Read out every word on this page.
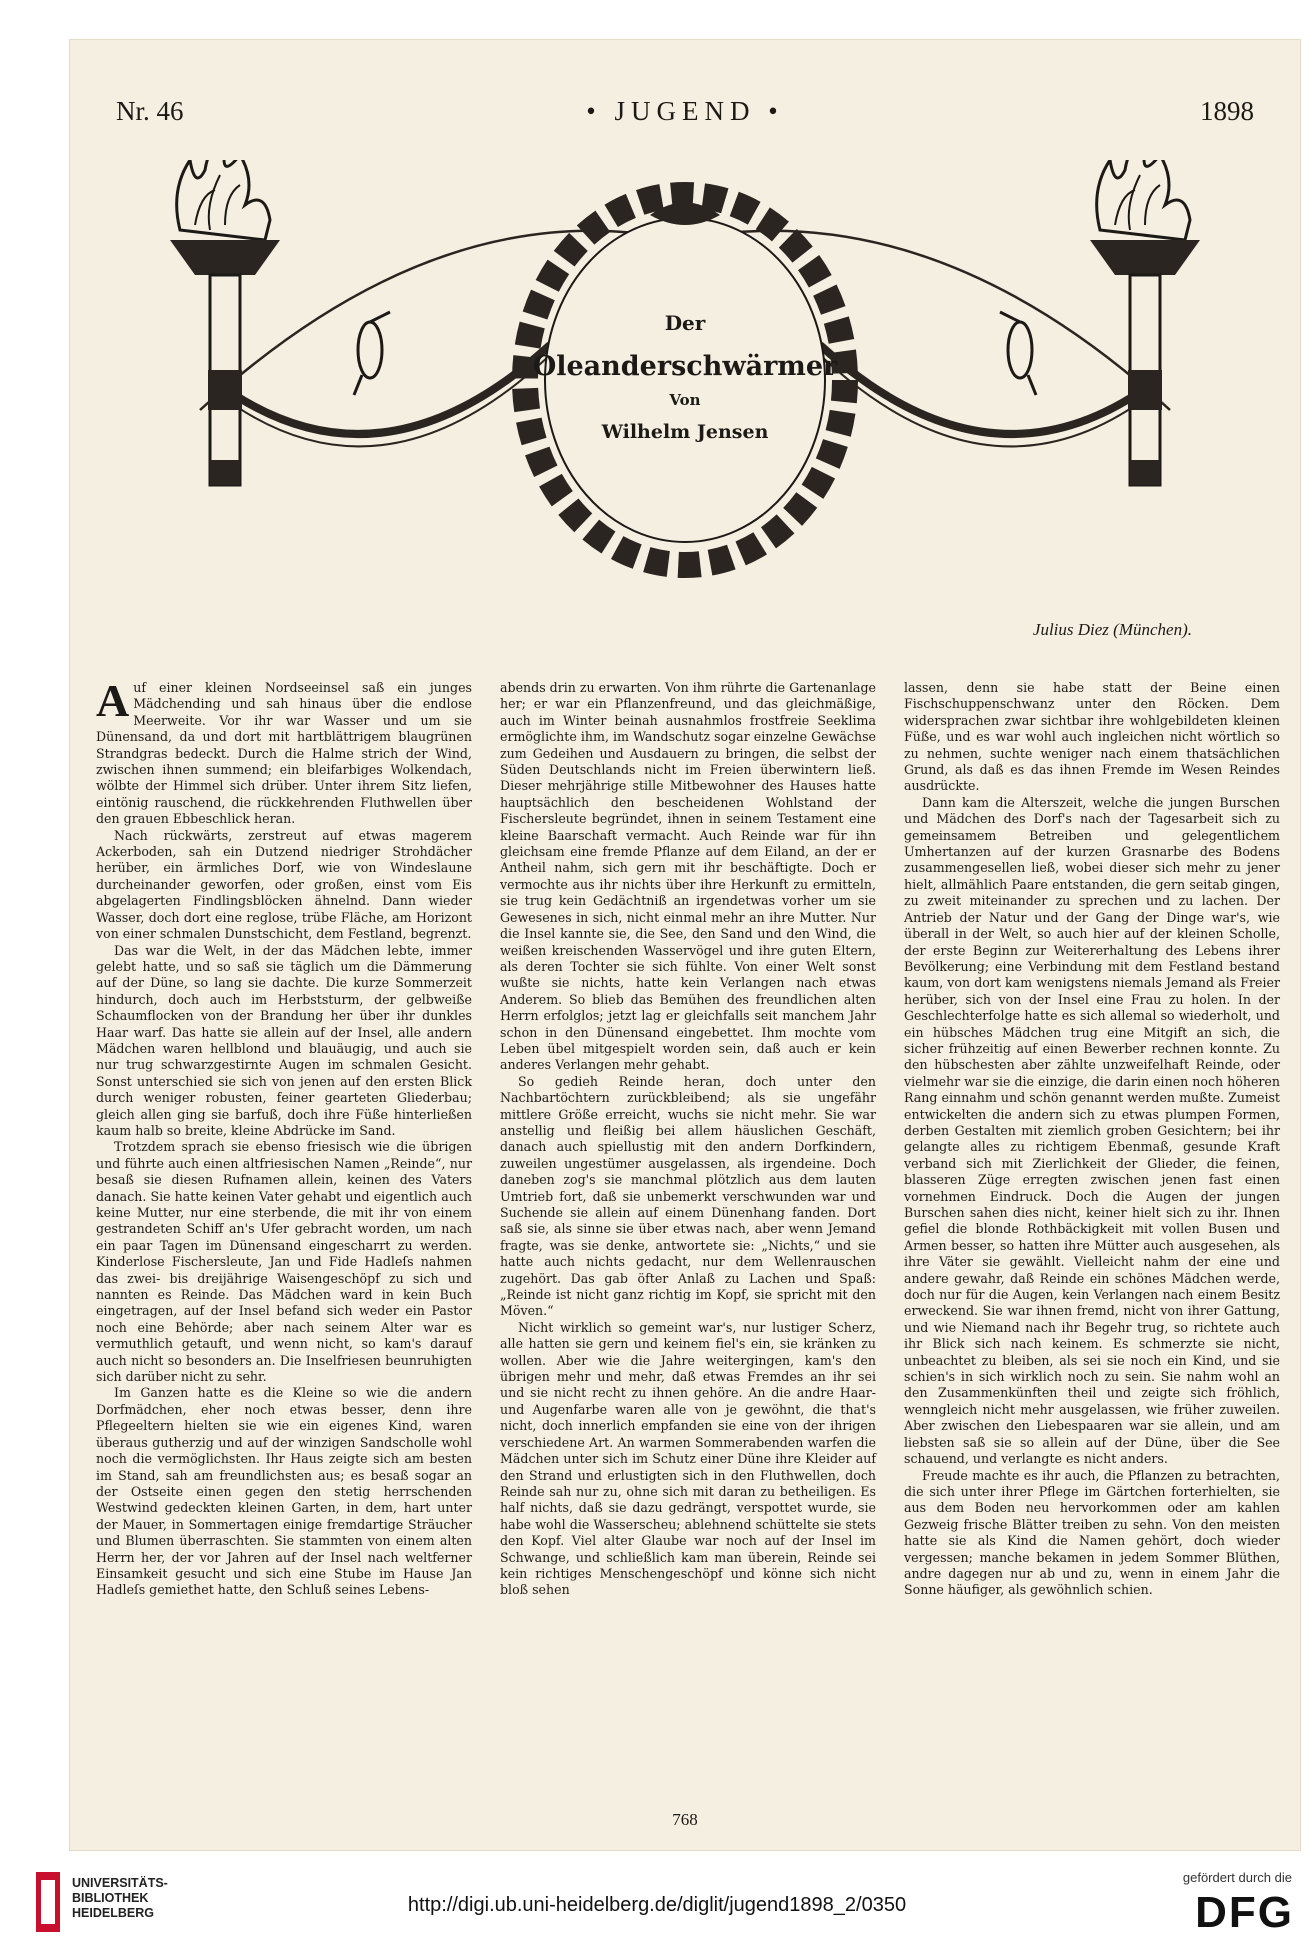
Nr. 46	• JUGEND •	1898
Der
Oleanderschwärmer
Von
Wilhelm Jensen
Julius Diez (München).

Auf einer kleinen Nordseeinsel saß ein junges Mädchending und sah hinaus über die endlose Meerweite. Vor ihr war Wasser und um sie Dünensand, da und dort mit hartblättrigem blaugrünen Strandgras bedeckt. Durch die Halme strich der Wind, zwischen ihnen summend; ein bleifarbiges Wolkendach, wölbte der Himmel sich drüber. Unter ihrem Sitz liefen, eintönig rauschend, die rückkehrenden Fluthwellen über den grauen Ebbeschlick heran.

Nach rückwärts, zerstreut auf etwas magerem Ackerboden, sah ein Dutzend niedriger Strohdächer herüber, ein ärmliches Dorf, wie von Windeslaune durcheinander geworfen, oder großen, einst vom Eis abgelagerten Findlingsblöcken ähnelnd. Dann wieder Wasser, doch dort eine reglose, trübe Fläche, am Horizont von einer schmalen Dunstschicht, dem Festland, begrenzt.

Das war die Welt, in der das Mädchen lebte, immer gelebt hatte, und so saß sie täglich um die Dämmerung auf der Düne, so lang sie dachte. Die kurze Sommerzeit hindurch, doch auch im Herbststurm, der gelbweiße Schaumflocken von der Brandung her über ihr dunkles Haar warf. Das hatte sie allein auf der Insel, alle andern Mädchen waren hellblond und blauäugig, und auch sie nur trug schwarzgestirnte Augen im schmalen Gesicht. Sonst unterschied sie sich von jenen auf den ersten Blick durch weniger robusten, feiner gearteten Gliederbau; gleich allen ging sie barfuß, doch ihre Füße hinterließen kaum halb so breite, kleine Abdrücke im Sand.

Trotzdem sprach sie ebenso friesisch wie die übrigen und führte auch einen altfriesischen Namen „Reinde“, nur besaß sie diesen Rufnamen allein, keinen des Vaters danach. Sie hatte keinen Vater gehabt und eigentlich auch keine Mutter, nur eine sterbende, die mit ihr von einem gestrandeten Schiff an's Ufer gebracht worden, um nach ein paar Tagen im Dünensand eingescharrt zu werden. Kinderlose Fischersleute, Jan und Fide Hadleſs nahmen das zwei- bis dreijährige Waisengeschöpf zu sich und nannten es Reinde. Das Mädchen ward in kein Buch eingetragen, auf der Insel befand sich weder ein Pastor noch eine Behörde; aber nach seinem Alter war es vermuthlich getauft, und wenn nicht, so kam's darauf auch nicht so besonders an. Die Inselfriesen beunruhigten sich darüber nicht zu sehr.

Im Ganzen hatte es die Kleine so wie die andern Dorfmädchen, eher noch etwas besser, denn ihre Pflegeeltern hielten sie wie ein eigenes Kind, waren überaus gutherzig und auf der winzigen Sandscholle wohl noch die vermöglichsten. Ihr Haus zeigte sich am besten im Stand, sah am freundlichsten aus; es besaß sogar an der Ostseite einen gegen den stetig herrschenden Westwind gedeckten kleinen Garten, in dem, hart unter der Mauer, in Sommertagen einige fremdartige Sträucher und Blumen überraschten. Sie stammten von einem alten Herrn her, der vor Jahren auf der Insel nach weltferner Einsamkeit gesucht und sich eine Stube im Hause Jan Hadleſs gemiethet hatte, den Schluß seines Lebens-

abends drin zu erwarten. Von ihm rührte die Gartenanlage her; er war ein Pflanzenfreund, und das gleichmäßige, auch im Winter beinah ausnahmlos frostfreie Seeklima ermöglichte ihm, im Wandschutz sogar einzelne Gewächse zum Gedeihen und Ausdauern zu bringen, die selbst der Süden Deutschlands nicht im Freien überwintern ließ. Dieser mehrjährige stille Mitbewohner des Hauses hatte hauptsächlich den bescheidenen Wohlstand der Fischersleute begründet, ihnen in seinem Testament eine kleine Baarschaft vermacht. Auch Reinde war für ihn gleichsam eine fremde Pflanze auf dem Eiland, an der er Antheil nahm, sich gern mit ihr beschäftigte. Doch er vermochte aus ihr nichts über ihre Herkunft zu ermitteln, sie trug kein Gedächtniß an irgendetwas vorher um sie Gewesenes in sich, nicht einmal mehr an ihre Mutter. Nur die Insel kannte sie, die See, den Sand und den Wind, die weißen kreischenden Wasservögel und ihre guten Eltern, als deren Tochter sie sich fühlte. Von einer Welt sonst wußte sie nichts, hatte kein Verlangen nach etwas Anderem. So blieb das Bemühen des freundlichen alten Herrn erfolglos; jetzt lag er gleichfalls seit manchem Jahr schon in den Dünensand eingebettet. Ihm mochte vom Leben übel mitgespielt worden sein, daß auch er kein anderes Verlangen mehr gehabt.

So gedieh Reinde heran, doch unter den Nachbartöchtern zurückbleibend; als sie ungefähr mittlere Größe erreicht, wuchs sie nicht mehr. Sie war anstellig und fleißig bei allem häuslichen Geschäft, danach auch spiellustig mit den andern Dorfkindern, zuweilen ungestümer ausgelassen, als irgendeine. Doch daneben zog's sie manchmal plötzlich aus dem lauten Umtrieb fort, daß sie unbemerkt verschwunden war und Suchende sie allein auf einem Dünenhang fanden. Dort saß sie, als sinne sie über etwas nach, aber wenn Jemand fragte, was sie denke, antwortete sie: „Nichts,“ und sie hatte auch nichts gedacht, nur dem Wellenrauschen zugehört. Das gab öfter Anlaß zu Lachen und Spaß: „Reinde ist nicht ganz richtig im Kopf, sie spricht mit den Möven.“

Nicht wirklich so gemeint war's, nur lustiger Scherz, alle hatten sie gern und keinem fiel's ein, sie kränken zu wollen. Aber wie die Jahre weitergingen, kam's den übrigen mehr und mehr, daß etwas Fremdes an ihr sei und sie nicht recht zu ihnen gehöre. An die andre Haar- und Augenfarbe waren alle von je gewöhnt, die that's nicht, doch innerlich empfanden sie eine von der ihrigen verschiedene Art. An warmen Sommerabenden warfen die Mädchen unter sich im Schutz einer Düne ihre Kleider auf den Strand und erlustigten sich in den Fluthwellen, doch Reinde sah nur zu, ohne sich mit daran zu betheiligen. Es half nichts, daß sie dazu gedrängt, verspottet wurde, sie habe wohl die Wasserscheu; ablehnend schüttelte sie stets den Kopf. Viel alter Glaube war noch auf der Insel im Schwange, und schließlich kam man überein, Reinde sei kein richtiges Menschengeschöpf und könne sich nicht bloß sehen

lassen, denn sie habe statt der Beine einen Fischschuppenschwanz unter den Röcken. Dem widersprachen zwar sichtbar ihre wohlgebildeten kleinen Füße, und es war wohl auch ingleichen nicht wörtlich so zu nehmen, suchte weniger nach einem thatsächlichen Grund, als daß es das ihnen Fremde im Wesen Reindes ausdrückte.

Dann kam die Alterszeit, welche die jungen Burschen und Mädchen des Dorf's nach der Tagesarbeit sich zu gemeinsamem Betreiben und gelegentlichem Umhertanzen auf der kurzen Grasnarbe des Bodens zusammengesellen ließ, wobei dieser sich mehr zu jener hielt, allmählich Paare entstanden, die gern seitab gingen, zu zweit miteinander zu sprechen und zu lachen. Der Antrieb der Natur und der Gang der Dinge war's, wie überall in der Welt, so auch hier auf der kleinen Scholle, der erste Beginn zur Weitererhaltung des Lebens ihrer Bevölkerung; eine Verbindung mit dem Festland bestand kaum, von dort kam wenigstens niemals Jemand als Freier herüber, sich von der Insel eine Frau zu holen. In der Geschlechterfolge hatte es sich allemal so wiederholt, und ein hübsches Mädchen trug eine Mitgift an sich, die sicher frühzeitig auf einen Bewerber rechnen konnte. Zu den hübschesten aber zählte unzweifelhaft Reinde, oder vielmehr war sie die einzige, die darin einen noch höheren Rang einnahm und schön genannt werden mußte. Zumeist entwickelten die andern sich zu etwas plumpen Formen, derben Gestalten mit ziemlich groben Gesichtern; bei ihr gelangte alles zu richtigem Ebenmaß, gesunde Kraft verband sich mit Zierlichkeit der Glieder, die feinen, blasseren Züge erregten zwischen jenen fast einen vornehmen Eindruck. Doch die Augen der jungen Burschen sahen dies nicht, keiner hielt sich zu ihr. Ihnen gefiel die blonde Rothbäckigkeit mit vollen Busen und Armen besser, so hatten ihre Mütter auch ausgesehen, als ihre Väter sie gewählt. Vielleicht nahm der eine und andere gewahr, daß Reinde ein schönes Mädchen werde, doch nur für die Augen, kein Verlangen nach einem Besitz erweckend. Sie war ihnen fremd, nicht von ihrer Gattung, und wie Niemand nach ihr Begehr trug, so richtete auch ihr Blick sich nach keinem. Es schmerzte sie nicht, unbeachtet zu bleiben, als sei sie noch ein Kind, und sie schien's in sich wirklich noch zu sein. Sie nahm wohl an den Zusammenkünften theil und zeigte sich fröhlich, wenngleich nicht mehr ausgelassen, wie früher zuweilen. Aber zwischen den Liebespaaren war sie allein, und am liebsten saß sie so allein auf der Düne, über die See schauend, und verlangte es nicht anders.

Freude machte es ihr auch, die Pflanzen zu betrachten, die sich unter ihrer Pflege im Gärtchen forterhielten, sie aus dem Boden neu hervorkommen oder am kahlen Gezweig frische Blätter treiben zu sehn. Von den meisten hatte sie als Kind die Namen gehört, doch wieder vergessen; manche bekamen in jedem Sommer Blüthen, andre dagegen nur ab und zu, wenn in einem Jahr die Sonne häufiger, als gewöhnlich schien.

768
UNIVERSITÄTS-
BIBLIOTHEK
HEIDELBERG	http://digi.ub.uni-heidelberg.de/diglit/jugend1898_2/0350
gefördert durch die
DFG
